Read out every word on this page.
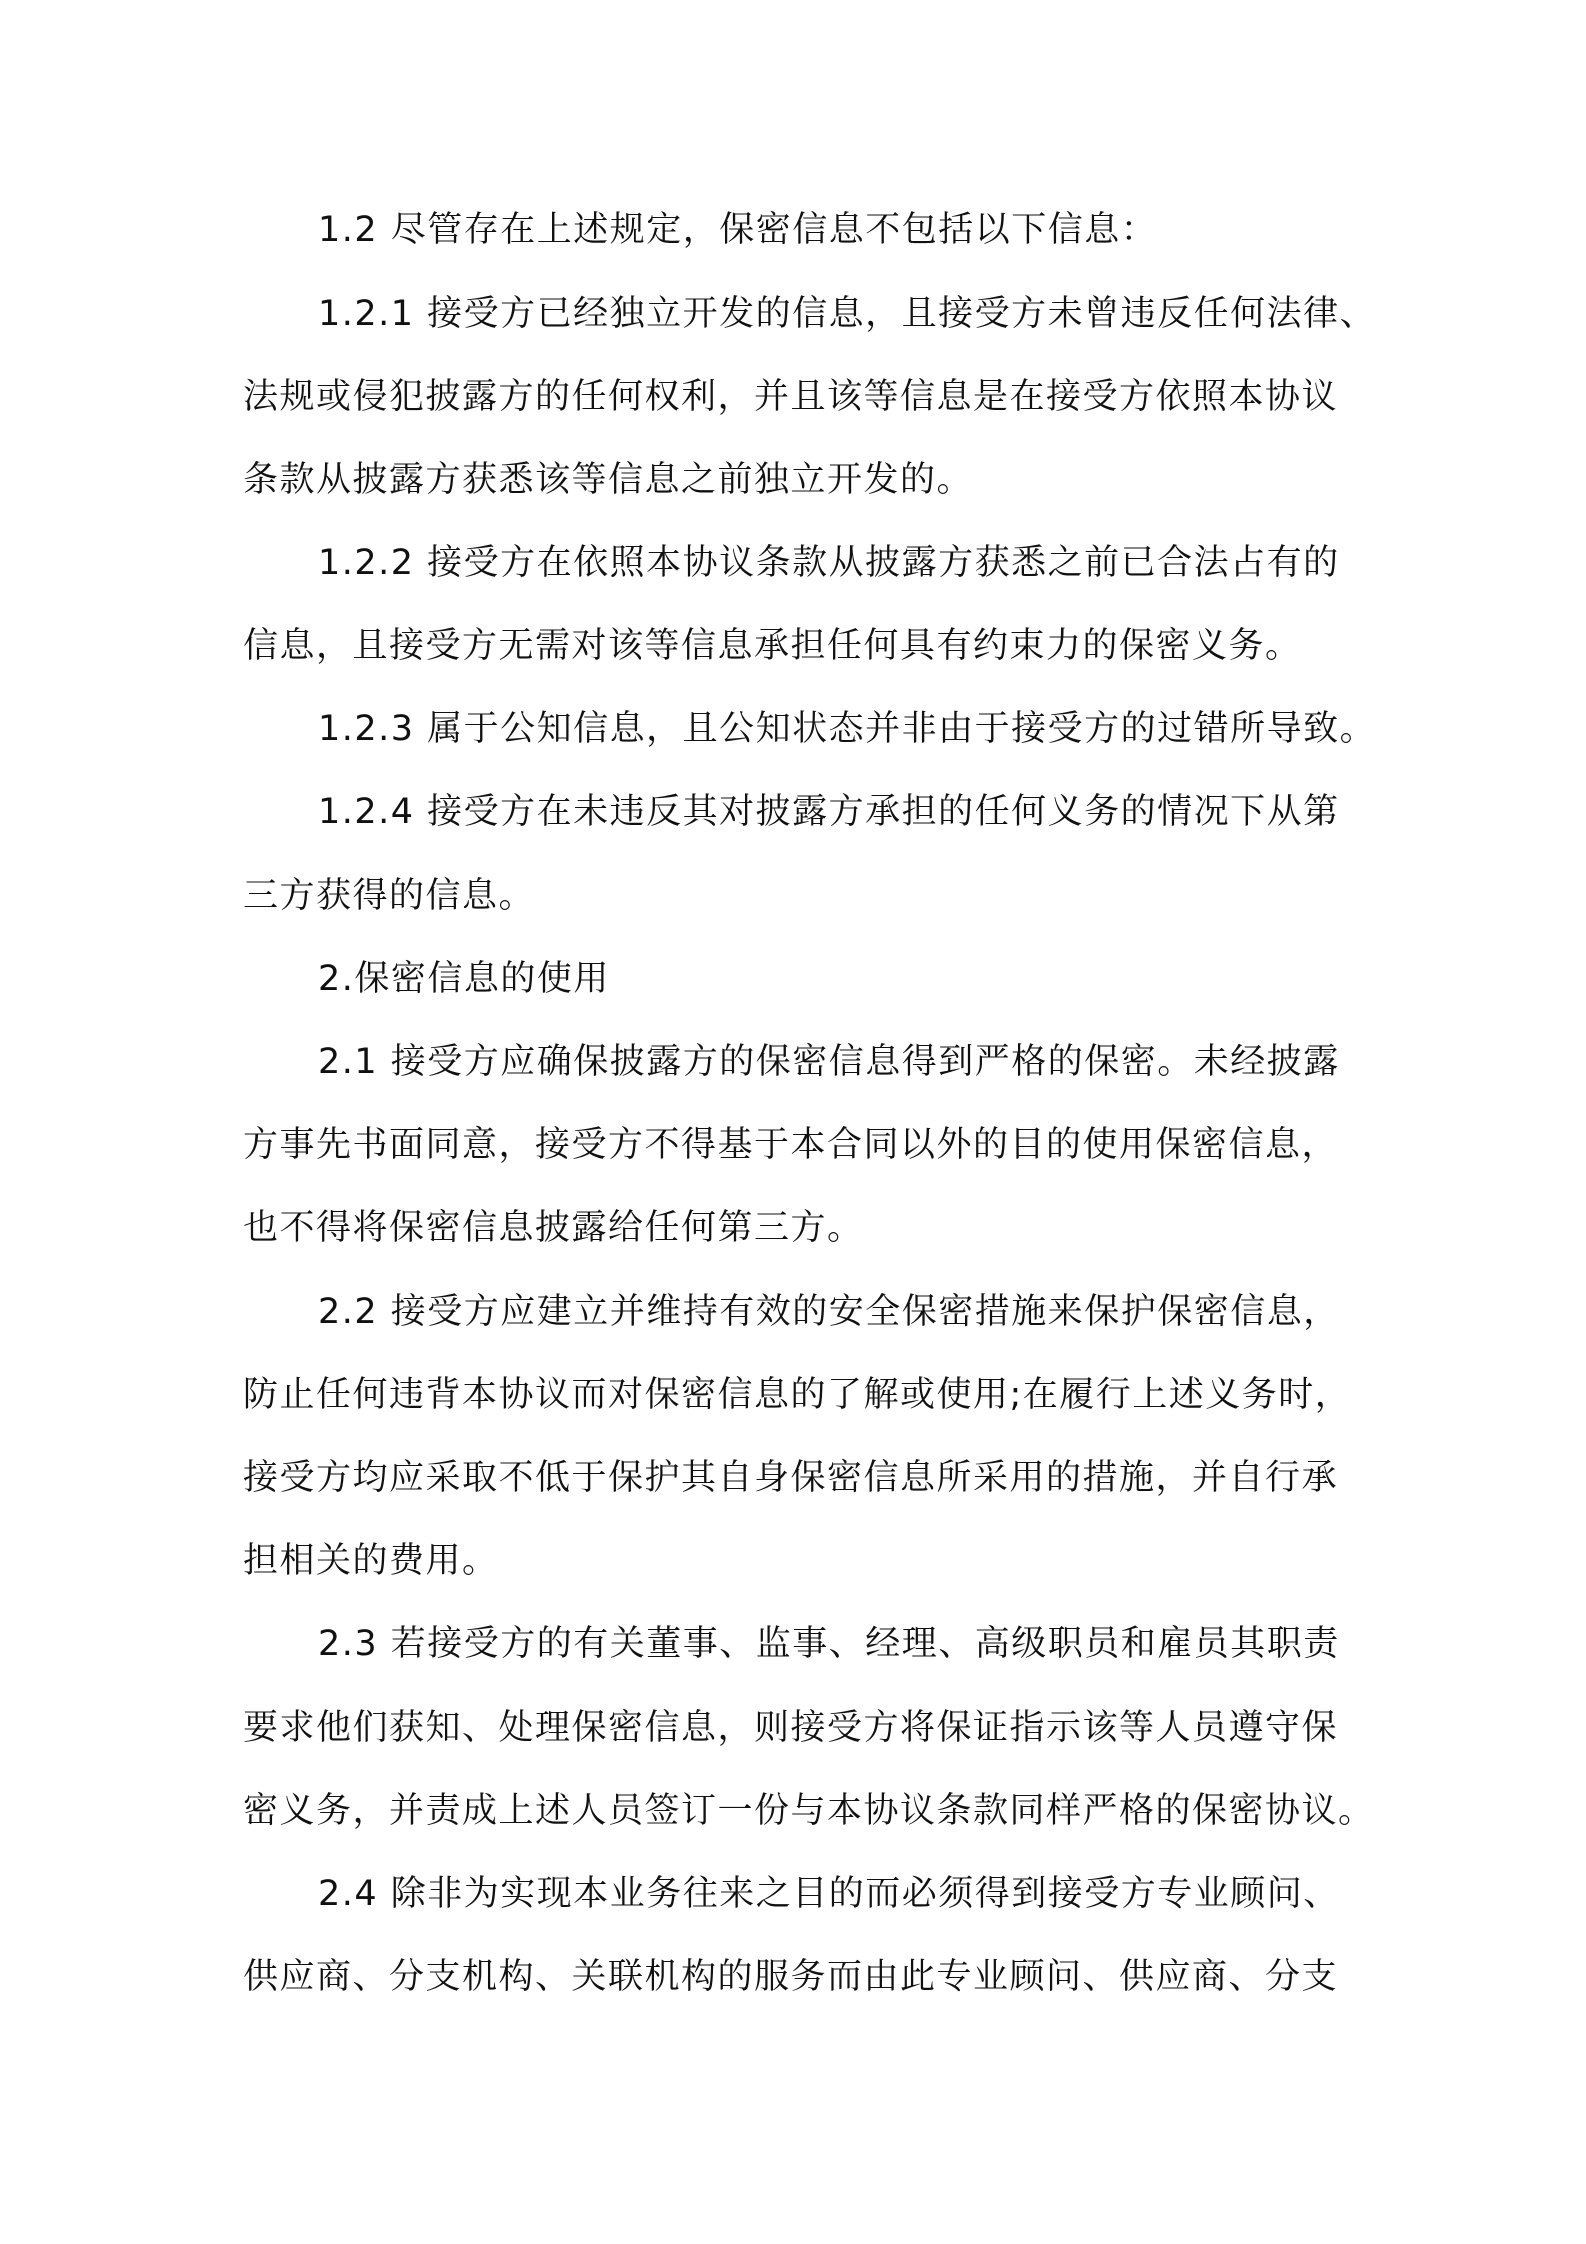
1.2 尽管存在上述规定，保密信息不包括以下信息：

1.2.1 接受方已经独立开发的信息，且接受方未曾违反任何法律、

法规或侵犯披露方的任何权利，并且该等信息是在接受方依照本协议

条款从披露方获悉该等信息之前独立开发的。

1.2.2 接受方在依照本协议条款从披露方获悉之前已合法占有的

信息，且接受方无需对该等信息承担任何具有约束力的保密义务。

1.2.3 属于公知信息，且公知状态并非由于接受方的过错所导致。

1.2.4 接受方在未违反其对披露方承担的任何义务的情况下从第

三方获得的信息。

2.保密信息的使用

2.1 接受方应确保披露方的保密信息得到严格的保密。未经披露

方事先书面同意，接受方不得基于本合同以外的目的使用保密信息，

也不得将保密信息披露给任何第三方。

2.2 接受方应建立并维持有效的安全保密措施来保护保密信息，

防止任何违背本协议而对保密信息的了解或使用;在履行上述义务时，

接受方均应采取不低于保护其自身保密信息所采用的措施，并自行承

担相关的费用。

2.3 若接受方的有关董事、监事、经理、高级职员和雇员其职责

要求他们获知、处理保密信息，则接受方将保证指示该等人员遵守保

密义务，并责成上述人员签订一份与本协议条款同样严格的保密协议。

2.4 除非为实现本业务往来之目的而必须得到接受方专业顾问、

供应商、分支机构、关联机构的服务而由此专业顾问、供应商、分支
